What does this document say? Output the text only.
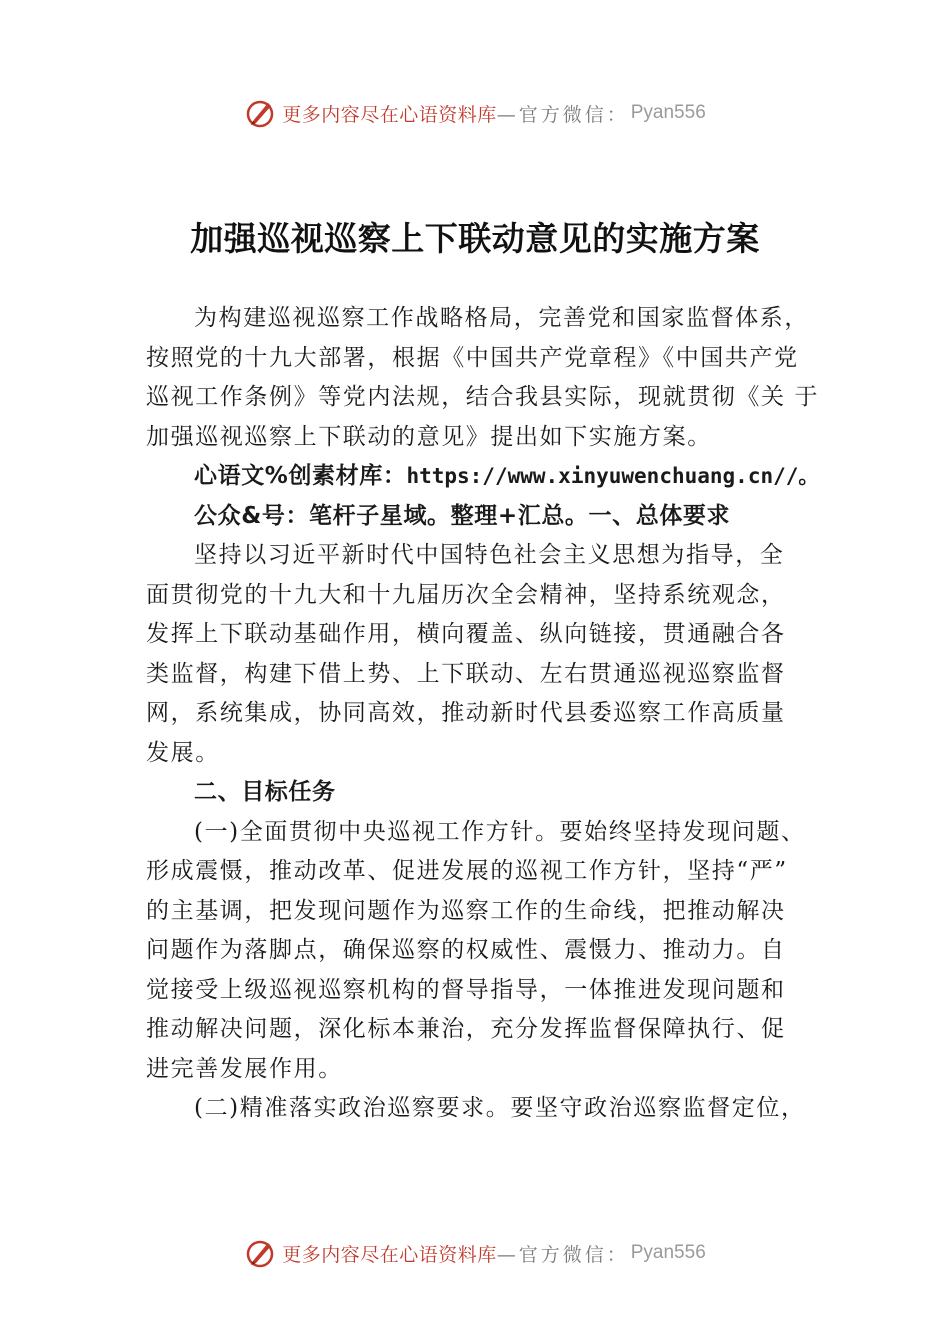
更多内容尽在心语资料库 —官方微信： Pyan556
加强巡视巡察上下联动意见的实施方案
为构建巡视巡察工作战略格局，完善党和国家监督体系，
按照党的十九大部署，根据《中国共产党章程》《中国共产党
巡视工作条例》等党内法规，结合我县实际，现就贯彻《关 于
加强巡视巡察上下联动的意见》提出如下实施方案。
心语文%创素材库：https://www.xinyuwenchuang.cn//。
公众&号：笔杆子星域。整理+汇总。一、总体要求
坚持以习近平新时代中国特色社会主义思想为指导，全
面贯彻党的十九大和十九届历次全会精神，坚持系统观念，
发挥上下联动基础作用，横向覆盖、纵向链接，贯通融合各
类监督，构建下借上势、上下联动、左右贯通巡视巡察监督
网，系统集成，协同高效，推动新时代县委巡察工作高质量
发展。
二、目标任务
(一)全面贯彻中央巡视工作方针。要始终坚持发现问题、
形成震慑，推动改革、促进发展的巡视工作方针，坚持“严”
的主基调，把发现问题作为巡察工作的生命线，把推动解决
问题作为落脚点，确保巡察的权威性、震慑力、推动力。自
觉接受上级巡视巡察机构的督导指导，一体推进发现问题和
推动解决问题，深化标本兼治，充分发挥监督保障执行、促
进完善发展作用。
(二)精准落实政治巡察要求。要坚守政治巡察监督定位，
更多内容尽在心语资料库 —官方微信： Pyan556
